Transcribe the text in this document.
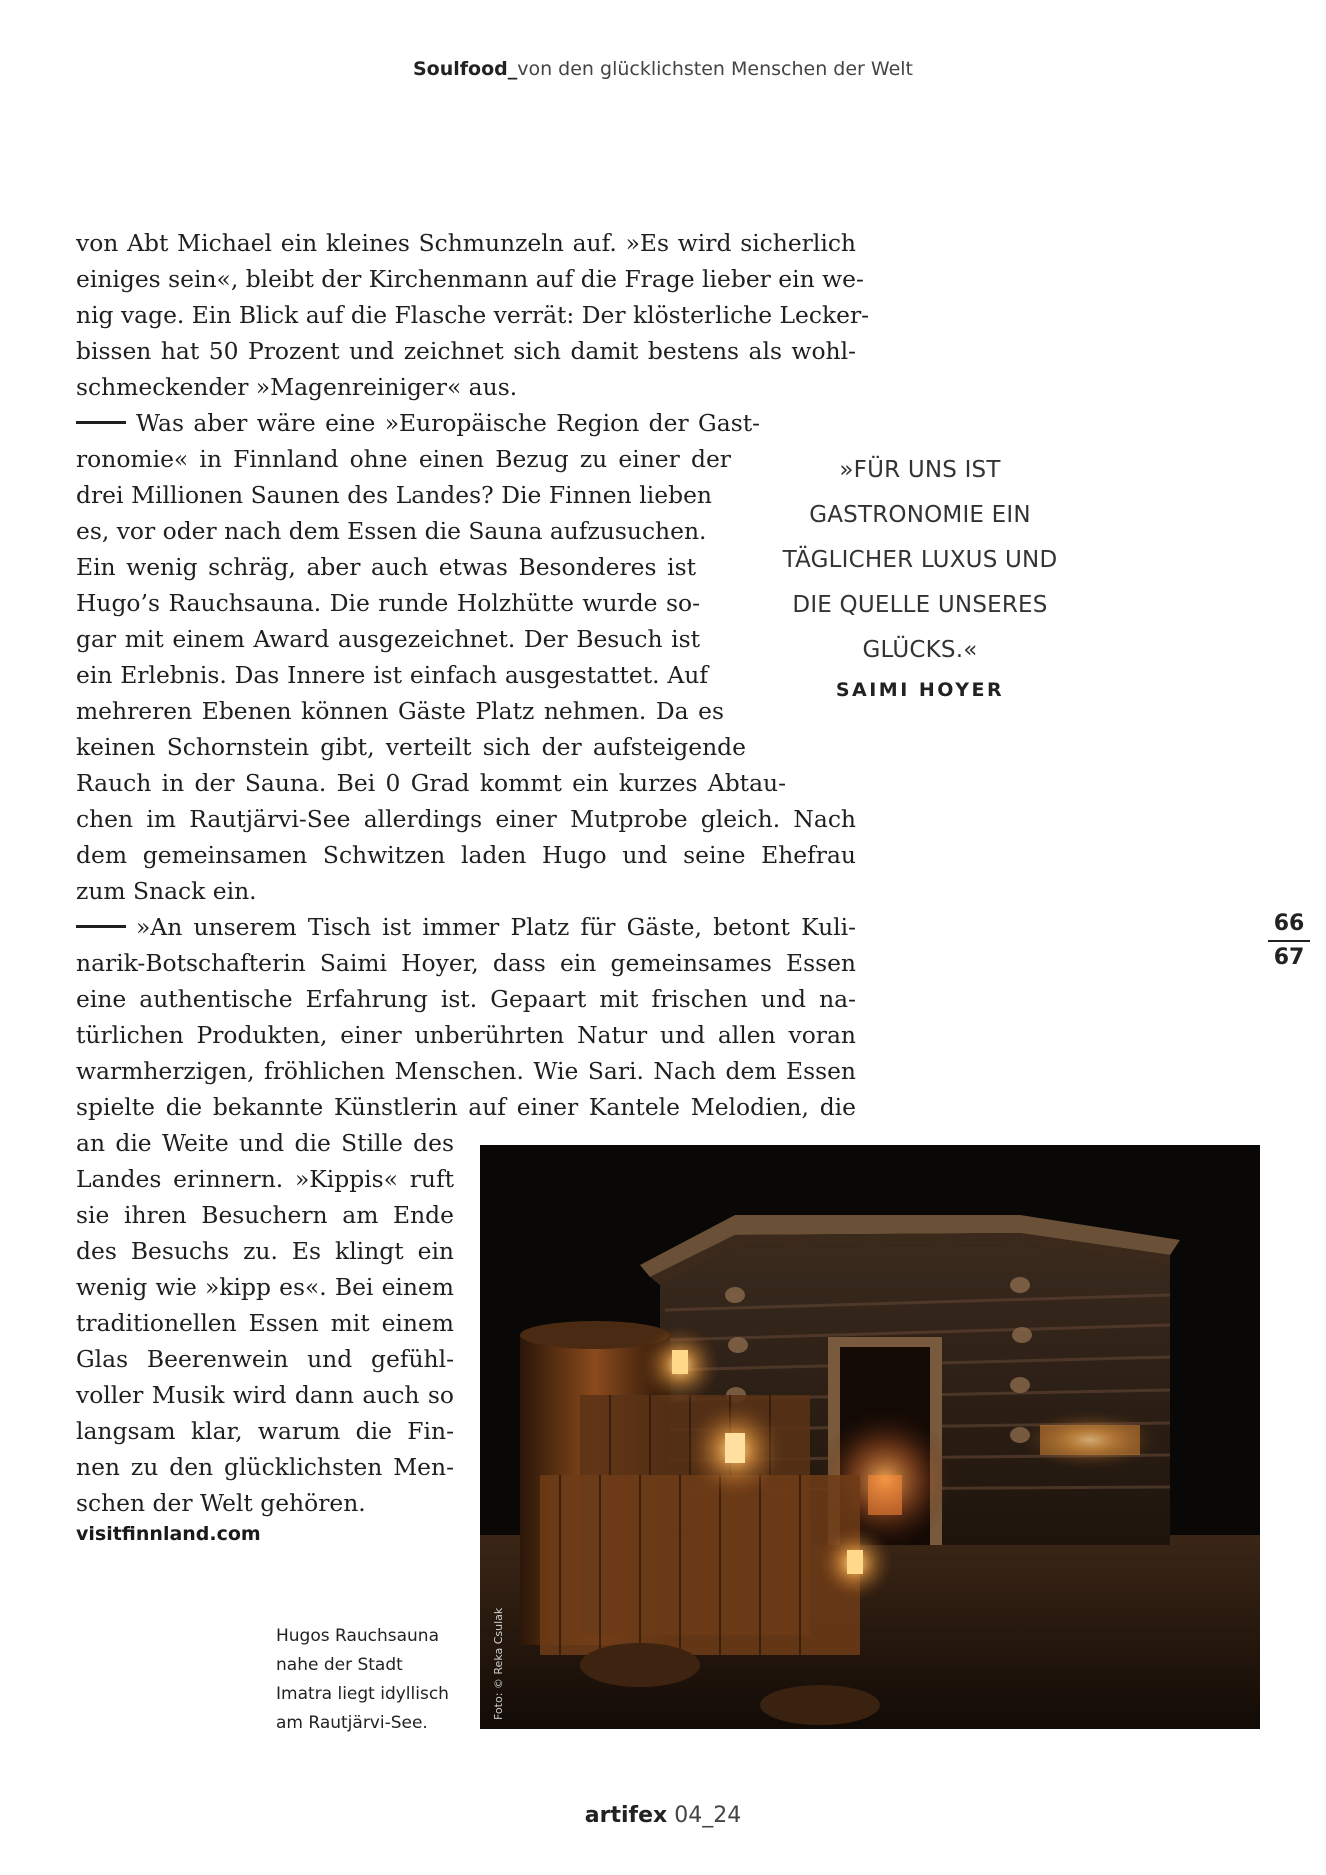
Soulfood_von den glücklichsten Menschen der Welt
von Abt Michael ein kleines Schmunzeln auf. »Es wird sicherlich
einiges sein«, bleibt der Kirchenmann auf die Frage lieber ein we-
nig vage. Ein Blick auf die Flasche verrät: Der klösterliche Lecker-
bissen hat 50 Prozent und zeichnet sich damit bestens als wohl-
schmeckender »Magenreiniger« aus.
Was aber wäre eine »Europäische Region der Gast-
ronomie« in Finnland ohne einen Bezug zu einer der
drei Millionen Saunen des Landes? Die Finnen lieben
es, vor oder nach dem Essen die Sauna aufzusuchen.
Ein wenig schräg, aber auch etwas Besonderes ist
Hugo’s Rauchsauna. Die runde Holzhütte wurde so-
gar mit einem Award ausgezeichnet. Der Besuch ist
ein Erlebnis. Das Innere ist einfach ausgestattet. Auf
mehreren Ebenen können Gäste Platz nehmen. Da es
keinen Schornstein gibt, verteilt sich der aufsteigende
Rauch in der Sauna. Bei 0 Grad kommt ein kurzes Abtau-
chen im Rautjärvi-See allerdings einer Mutprobe gleich. Nach
dem gemeinsamen Schwitzen laden Hugo und seine Ehefrau
zum Snack ein.
»An unserem Tisch ist immer Platz für Gäste, betont Kuli-
narik-Botschafterin Saimi Hoyer, dass ein gemeinsames Essen
eine authentische Erfahrung ist. Gepaart mit frischen und na-
türlichen Produkten, einer unberührten Natur und allen voran
warmherzigen, fröhlichen Menschen. Wie Sari. Nach dem Essen
spielte die bekannte Künstlerin auf einer Kantele Melodien, die
an die Weite und die Stille des
Landes erinnern. »Kippis« ruft
sie ihren Besuchern am Ende
des Besuchs zu. Es klingt ein
wenig wie »kipp es«. Bei einem
traditionellen Essen mit einem
Glas Beerenwein und gefühl-
voller Musik wird dann auch so
langsam klar, warum die Fin-
nen zu den glücklichsten Men-
schen der Welt gehören.
visitfinnland.com
»FÜR UNS IST
GASTRONOMIE EIN
TÄGLICHER LUXUS UND
DIE QUELLE UNSERES
GLÜCKS.«
SAIMI HOYER
66
67
Foto: © Reka Csulak
Hugos Rauchsauna
nahe der Stadt
Imatra liegt idyllisch
am Rautjärvi-See.
artifex 04_24
